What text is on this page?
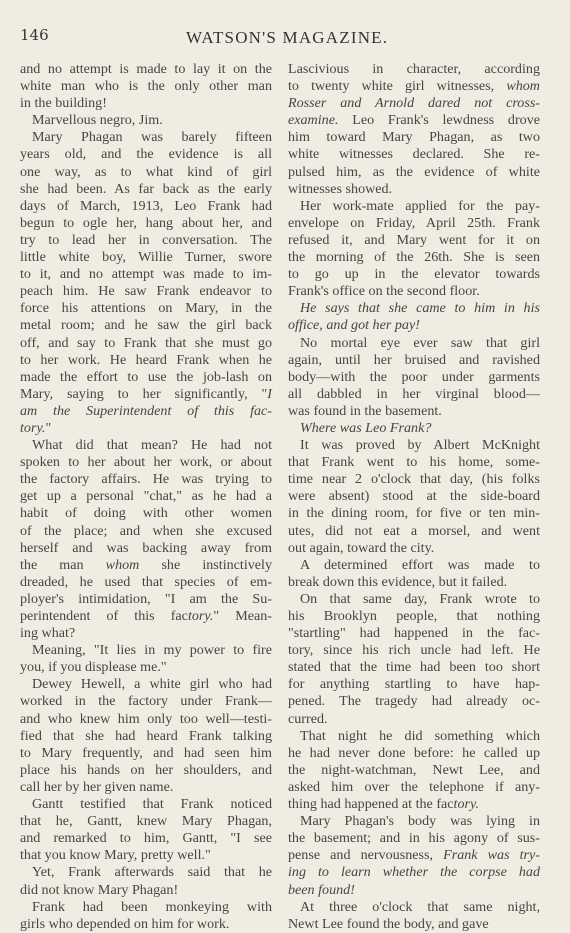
146	WATSON'S MAGAZINE.
and no attempt is made to lay it on the
white man who is the only other man
in the building!
Marvellous negro, Jim.
Mary Phagan was barely fifteen
years old, and the evidence is all
one way, as to what kind of girl
she had been. As far back as the early
days of March, 1913, Leo Frank had
begun to ogle her, hang about her, and
try to lead her in conversation. The
little white boy, Willie Turner, swore
to it, and no attempt was made to im-
peach him. He saw Frank endeavor to
force his attentions on Mary, in the
metal room; and he saw the girl back
off, and say to Frank that she must go
to her work. He heard Frank when he
made the effort to use the job-lash on
Mary, saying to her significantly, "I
am the Superintendent of this fac-
tory."
What did that mean? He had not
spoken to her about her work, or about
the factory affairs. He was trying to
get up a personal "chat," as he had a
habit of doing with other women
of the place; and when she excused
herself and was backing away from
the man whom she instinctively
dreaded, he used that species of em-
ployer's intimidation, "I am the Su-
perintendent of this factory." Mean-
ing what?
Meaning, "It lies in my power to fire
you, if you displease me."
Dewey Hewell, a white girl who had
worked in the factory under Frank—
and who knew him only too well—testi-
fied that she had heard Frank talking
to Mary frequently, and had seen him
place his hands on her shoulders, and
call her by her given name.
Gantt testified that Frank noticed
that he, Gantt, knew Mary Phagan,
and remarked to him, Gantt, "I see
that you know Mary, pretty well."
Yet, Frank afterwards said that he
did not know Mary Phagan!
Frank had been monkeying with
girls who depended on him for work.
Lascivious in character, according
to twenty white girl witnesses, whom
Rosser and Arnold dared not cross-
examine. Leo Frank's lewdness drove
him toward Mary Phagan, as two
white witnesses declared. She re-
pulsed him, as the evidence of white
witnesses showed.
Her work-mate applied for the pay-
envelope on Friday, April 25th. Frank
refused it, and Mary went for it on
the morning of the 26th. She is seen
to go up in the elevator towards
Frank's office on the second floor.
He says that she came to him in his
office, and got her pay!
No mortal eye ever saw that girl
again, until her bruised and ravished
body—with the poor under garments
all dabbled in her virginal blood—
was found in the basement.
Where was Leo Frank?
It was proved by Albert McKnight
that Frank went to his home, some-
time near 2 o'clock that day, (his folks
were absent) stood at the side-board
in the dining room, for five or ten min-
utes, did not eat a morsel, and went
out again, toward the city.
A determined effort was made to
break down this evidence, but it failed.
On that same day, Frank wrote to
his Brooklyn people, that nothing
"startling" had happened in the fac-
tory, since his rich uncle had left. He
stated that the time had been too short
for anything startling to have hap-
pened. The tragedy had already oc-
curred.
That night he did something which
he had never done before: he called up
the night-watchman, Newt Lee, and
asked him over the telephone if any-
thing had happened at the factory.
Mary Phagan's body was lying in
the basement; and in his agony of sus-
pense and nervousness, Frank was try-
ing to learn whether the corpse had
been found!
At three o'clock that same night,
Newt Lee found the body, and gave
